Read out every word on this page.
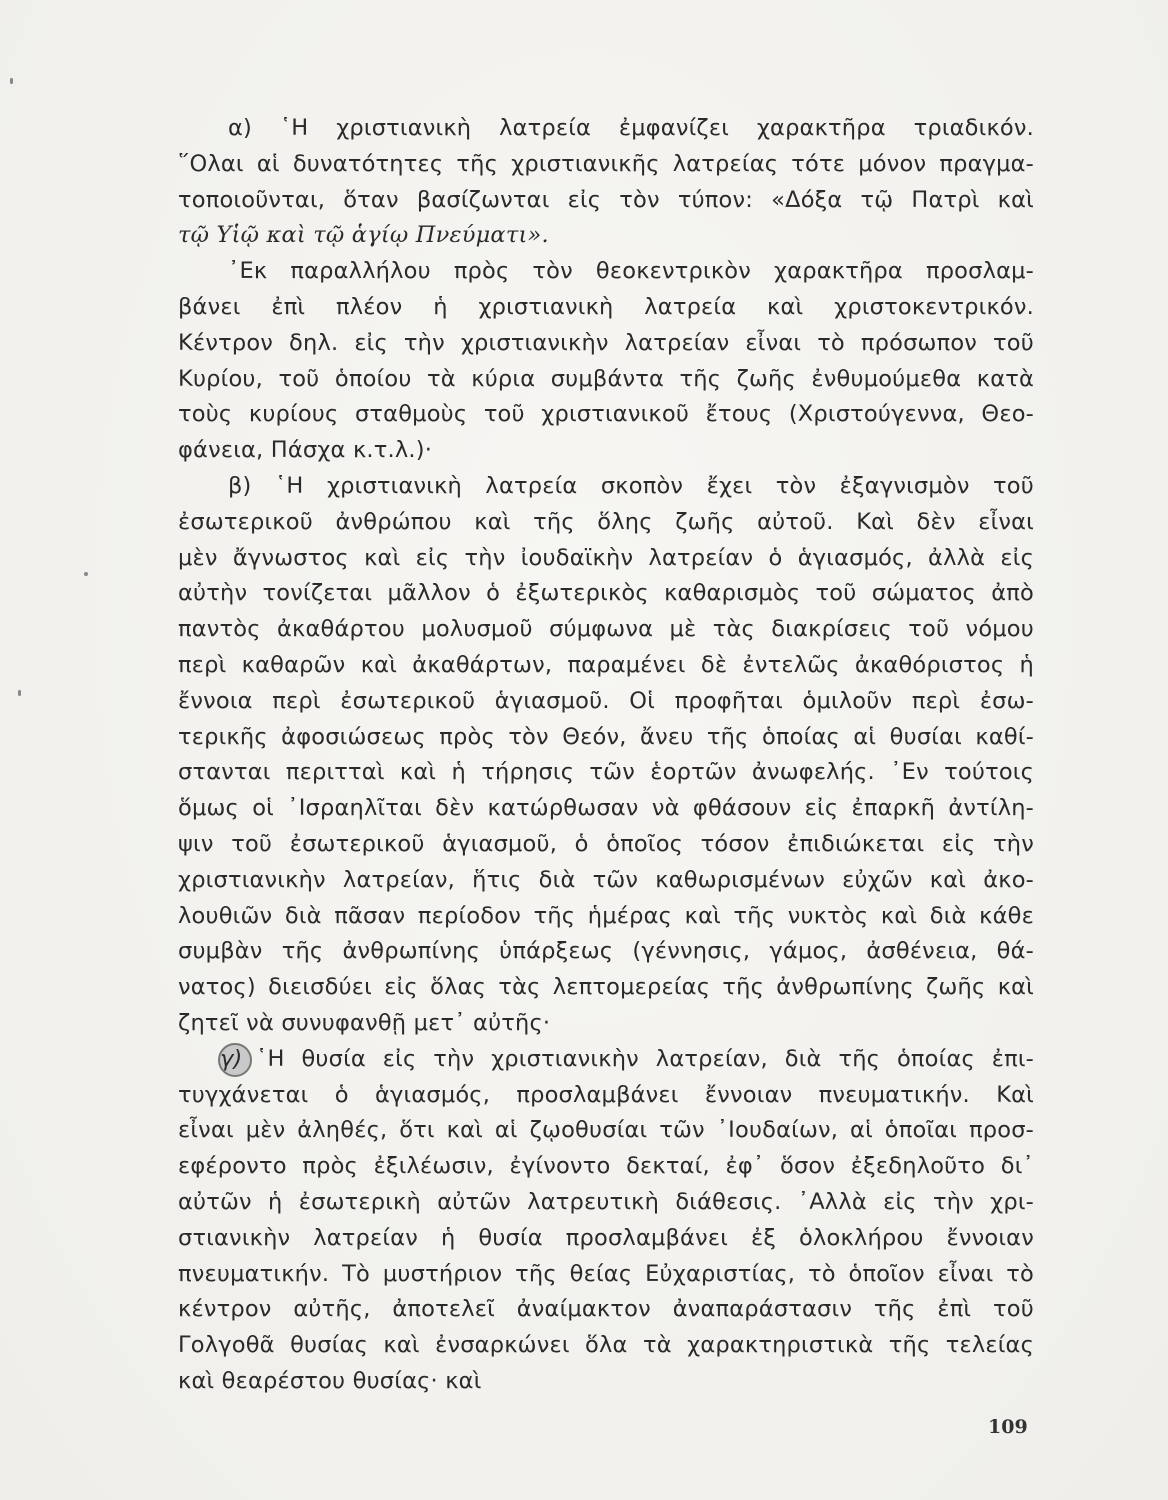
α) ῾Η χριστιανικὴ λατρεία ἐμφανίζει χαρακτῆρα τριαδικόν.
῞Ολαι αἱ δυνατότητες τῆς χριστιανικῆς λατρείας τότε μόνον πραγμα-
τοποιοῦνται, ὅταν βασίζωνται εἰς τὸν τύπον: «Δόξα τῷ Πατρὶ καὶ
τῷ Υἱῷ καὶ τῷ ἁγίῳ Πνεύματι».
᾿Εκ παραλλήλου πρὸς τὸν θεοκεντρικὸν χαρακτῆρα προσλαμ-
βάνει ἐπὶ πλέον ἡ χριστιανικὴ λατρεία καὶ χριστοκεντρικόν.
Κέντρον δηλ. εἰς τὴν χριστιανικὴν λατρείαν εἶναι τὸ πρόσωπον τοῦ
Κυρίου, τοῦ ὁποίου τὰ κύρια συμβάντα τῆς ζωῆς ἐνθυμούμεθα κατὰ
τοὺς κυρίους σταθμοὺς τοῦ χριστιανικοῦ ἔτους (Χριστούγεννα, Θεο-
φάνεια, Πάσχα κ.τ.λ.)·
β) ῾Η χριστιανικὴ λατρεία σκοπὸν ἔχει τὸν ἐξαγνισμὸν τοῦ
ἐσωτερικοῦ ἀνθρώπου καὶ τῆς ὅλης ζωῆς αὐτοῦ. Καὶ δὲν εἶναι
μὲν ἄγνωστος καὶ εἰς τὴν ἰουδαϊκὴν λατρείαν ὁ ἁγιασμός, ἀλλὰ εἰς
αὐτὴν τονίζεται μᾶλλον ὁ ἐξωτερικὸς καθαρισμὸς τοῦ σώματος ἀπὸ
παντὸς ἀκαθάρτου μολυσμοῦ σύμφωνα μὲ τὰς διακρίσεις τοῦ νόμου
περὶ καθαρῶν καὶ ἀκαθάρτων, παραμένει δὲ ἐντελῶς ἀκαθόριστος ἡ
ἔννοια περὶ ἐσωτερικοῦ ἁγιασμοῦ. Οἱ προφῆται ὁμιλοῦν περὶ ἐσω-
τερικῆς ἀφοσιώσεως πρὸς τὸν Θεόν, ἄνευ τῆς ὁποίας αἱ θυσίαι καθί-
στανται περιτταὶ καὶ ἡ τήρησις τῶν ἑορτῶν ἀνωφελής. ᾿Εν τούτοις
ὅμως οἱ ᾿Ισραηλῖται δὲν κατώρθωσαν νὰ φθάσουν εἰς ἐπαρκῆ ἀντίλη-
ψιν τοῦ ἐσωτερικοῦ ἁγιασμοῦ, ὁ ὁποῖος τόσον ἐπιδιώκεται εἰς τὴν
χριστιανικὴν λατρείαν, ἥτις διὰ τῶν καθωρισμένων εὐχῶν καὶ ἀκο-
λουθιῶν διὰ πᾶσαν περίοδον τῆς ἡμέρας καὶ τῆς νυκτὸς καὶ διὰ κάθε
συμβὰν τῆς ἀνθρωπίνης ὑπάρξεως (γέννησις, γάμος, ἀσθένεια, θά-
νατος) διεισδύει εἰς ὅλας τὰς λεπτομερείας τῆς ἀνθρωπίνης ζωῆς καὶ
ζητεῖ νὰ συνυφανθῇ μετ᾿ αὐτῆς·
γ) ῾Η θυσία εἰς τὴν χριστιανικὴν λατρείαν, διὰ τῆς ὁποίας ἐπι-
τυγχάνεται ὁ ἁγιασμός, προσλαμβάνει ἔννοιαν πνευματικήν. Καὶ
εἶναι μὲν ἀληθές, ὅτι καὶ αἱ ζῳοθυσίαι τῶν ᾿Ιουδαίων, αἱ ὁποῖαι προσ-
εφέροντο πρὸς ἐξιλέωσιν, ἐγίνοντο δεκταί, ἐφ᾿ ὅσον ἐξεδηλοῦτο δι᾿
αὐτῶν ἡ ἐσωτερικὴ αὐτῶν λατρευτικὴ διάθεσις. ᾿Αλλὰ εἰς τὴν χρι-
στιανικὴν λατρείαν ἡ θυσία προσλαμβάνει ἐξ ὁλοκλήρου ἔννοιαν
πνευματικήν. Τὸ μυστήριον τῆς θείας Εὐχαριστίας, τὸ ὁποῖον εἶναι τὸ
κέντρον αὐτῆς, ἀποτελεῖ ἀναίμακτον ἀναπαράστασιν τῆς ἐπὶ τοῦ
Γολγοθᾶ θυσίας καὶ ἐνσαρκώνει ὅλα τὰ χαρακτηριστικὰ τῆς τελείας
καὶ θεαρέστου θυσίας· καὶ
109
